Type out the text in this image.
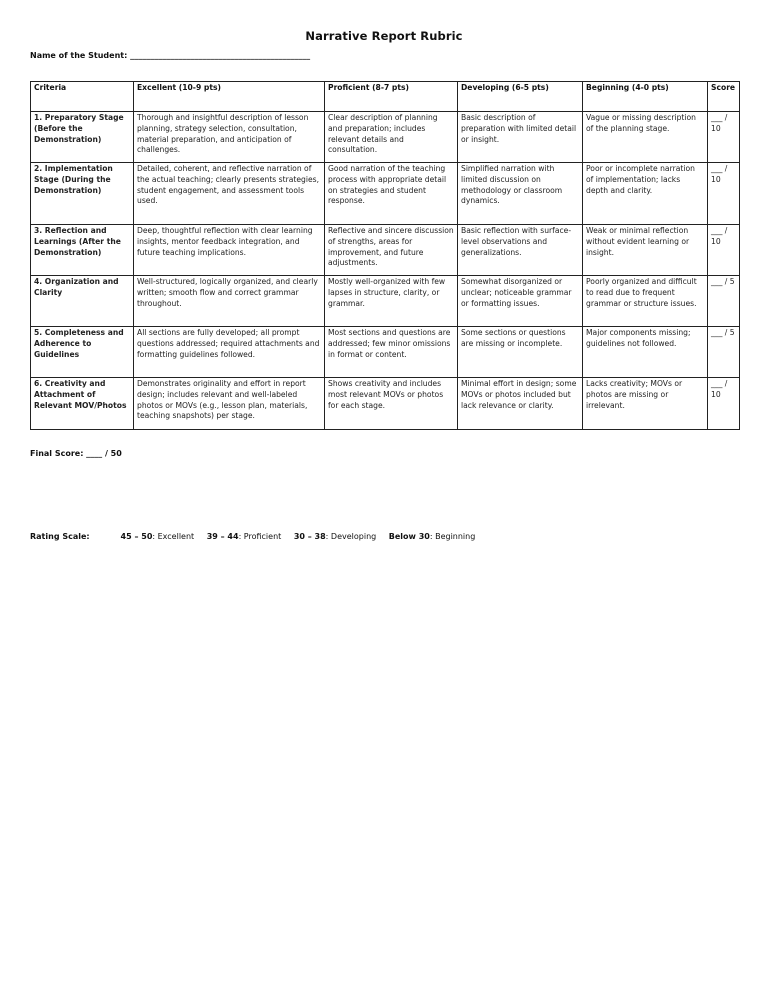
Narrative Report Rubric
Name of the Student: _____________________________________________
Criteria	Excellent (10-9 pts)	Proficient (8-7 pts)	Developing (6-5 pts)	Beginning (4-0 pts)	Score
1. Preparatory Stage (Before the Demonstration)	Thorough and insightful description of lesson planning, strategy selection, consultation, material preparation, and anticipation of challenges.	Clear description of planning and preparation; includes relevant details and consultation.	Basic description of preparation with limited detail or insight.	Vague or missing description of the planning stage.	___ / 10
2. Implementation Stage (During the Demonstration)	Detailed, coherent, and reflective narration of the actual teaching; clearly presents strategies, student engagement, and assessment tools used.	Good narration of the teaching process with appropriate detail on strategies and student response.	Simplified narration with limited discussion on methodology or classroom dynamics.	Poor or incomplete narration of implementation; lacks depth and clarity.	___ / 10
3. Reflection and Learnings (After the Demonstration)	Deep, thoughtful reflection with clear learning insights, mentor feedback integration, and future teaching implications.	Reflective and sincere discussion of strengths, areas for improvement, and future adjustments.	Basic reflection with surface-level observations and generalizations.	Weak or minimal reflection without evident learning or insight.	___ / 10
4. Organization and Clarity	Well-structured, logically organized, and clearly written; smooth flow and correct grammar throughout.	Mostly well-organized with few lapses in structure, clarity, or grammar.	Somewhat disorganized or unclear; noticeable grammar or formatting issues.	Poorly organized and difficult to read due to frequent grammar or structure issues.	___ / 5
5. Completeness and Adherence to Guidelines	All sections are fully developed; all prompt questions addressed; required attachments and formatting guidelines followed.	Most sections and questions are addressed; few minor omissions in format or content.	Some sections or questions are missing or incomplete.	Major components missing; guidelines not followed.	___ / 5
6. Creativity and Attachment of Relevant MOV/Photos	Demonstrates originality and effort in report design; includes relevant and well-labeled photos or MOVs (e.g., lesson plan, materials, teaching snapshots) per stage.	Shows creativity and includes most relevant MOVs or photos for each stage.	Minimal effort in design; some MOVs or photos included but lack relevance or clarity.	Lacks creativity; MOVs or photos are missing or irrelevant.	___ / 10
Final Score: ____ / 50
Rating Scale:	45 – 50: Excellent 39 – 44: Proficient 30 – 38: Developing Below 30: Beginning
